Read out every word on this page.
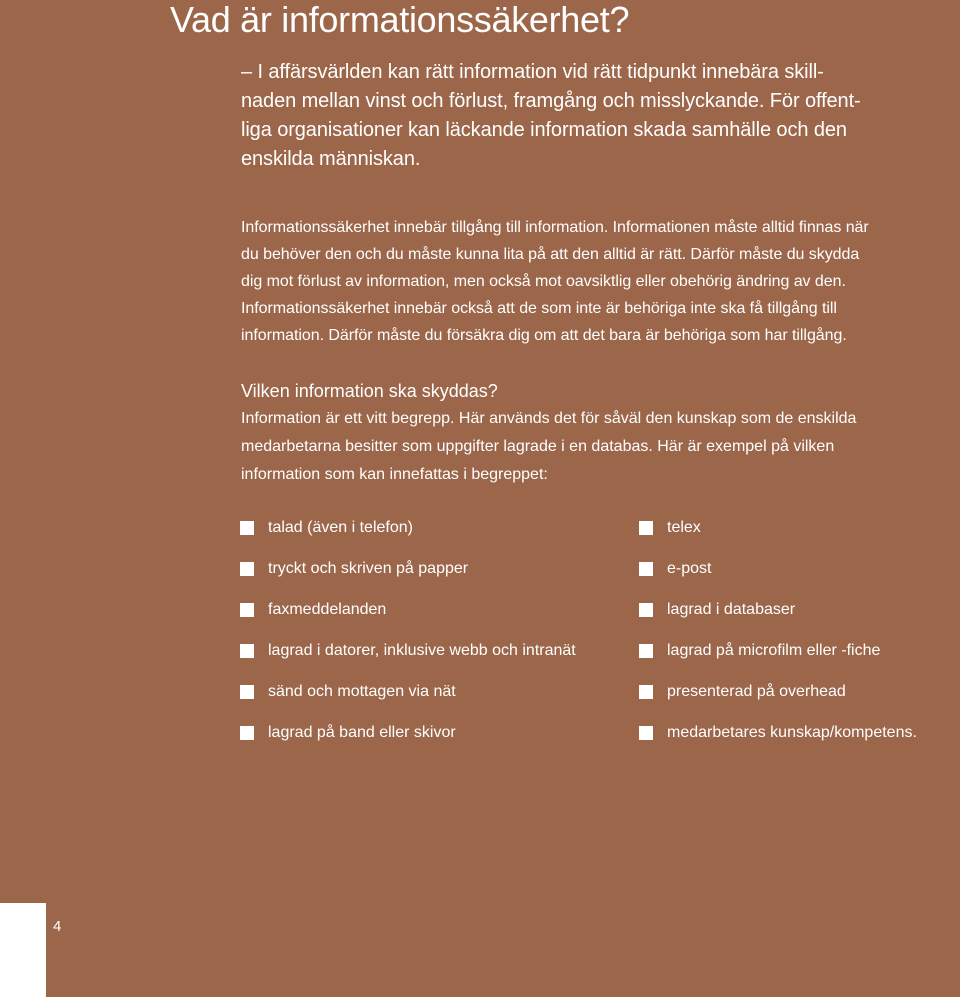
Vad är informationssäkerhet?

– I affärsvärlden kan rätt information vid rätt tidpunkt innebära skill-
naden mellan vinst och förlust, framgång och misslyckande. För offent-
liga organisationer kan läckande information skada samhälle och den
enskilda människan.

Informationssäkerhet innebär tillgång till information. Informationen måste alltid finnas när
du behöver den och du måste kunna lita på att den alltid är rätt. Därför måste du skydda
dig mot förlust av information, men också mot oavsiktlig eller obehörig ändring av den.
Informationssäkerhet innebär också att de som inte är behöriga inte ska få tillgång till
information. Därför måste du försäkra dig om att det bara är behöriga som har tillgång.

Vilken information ska skyddas?

Information är ett vitt begrepp. Här används det för såväl den kunskap som de enskilda
medarbetarna besitter som uppgifter lagrade i en databas. Här är exempel på vilken
information som kan innefattas i begreppet:

talad (även i telefon)
tryckt och skriven på papper
faxmeddelanden
lagrad i datorer, inklusive webb och intranät
sänd och mottagen via nät
lagrad på band eller skivor
telex
e-post
lagrad i databaser
lagrad på microfilm eller -fiche
presenterad på overhead
medarbetares kunskap/kompetens.
4
